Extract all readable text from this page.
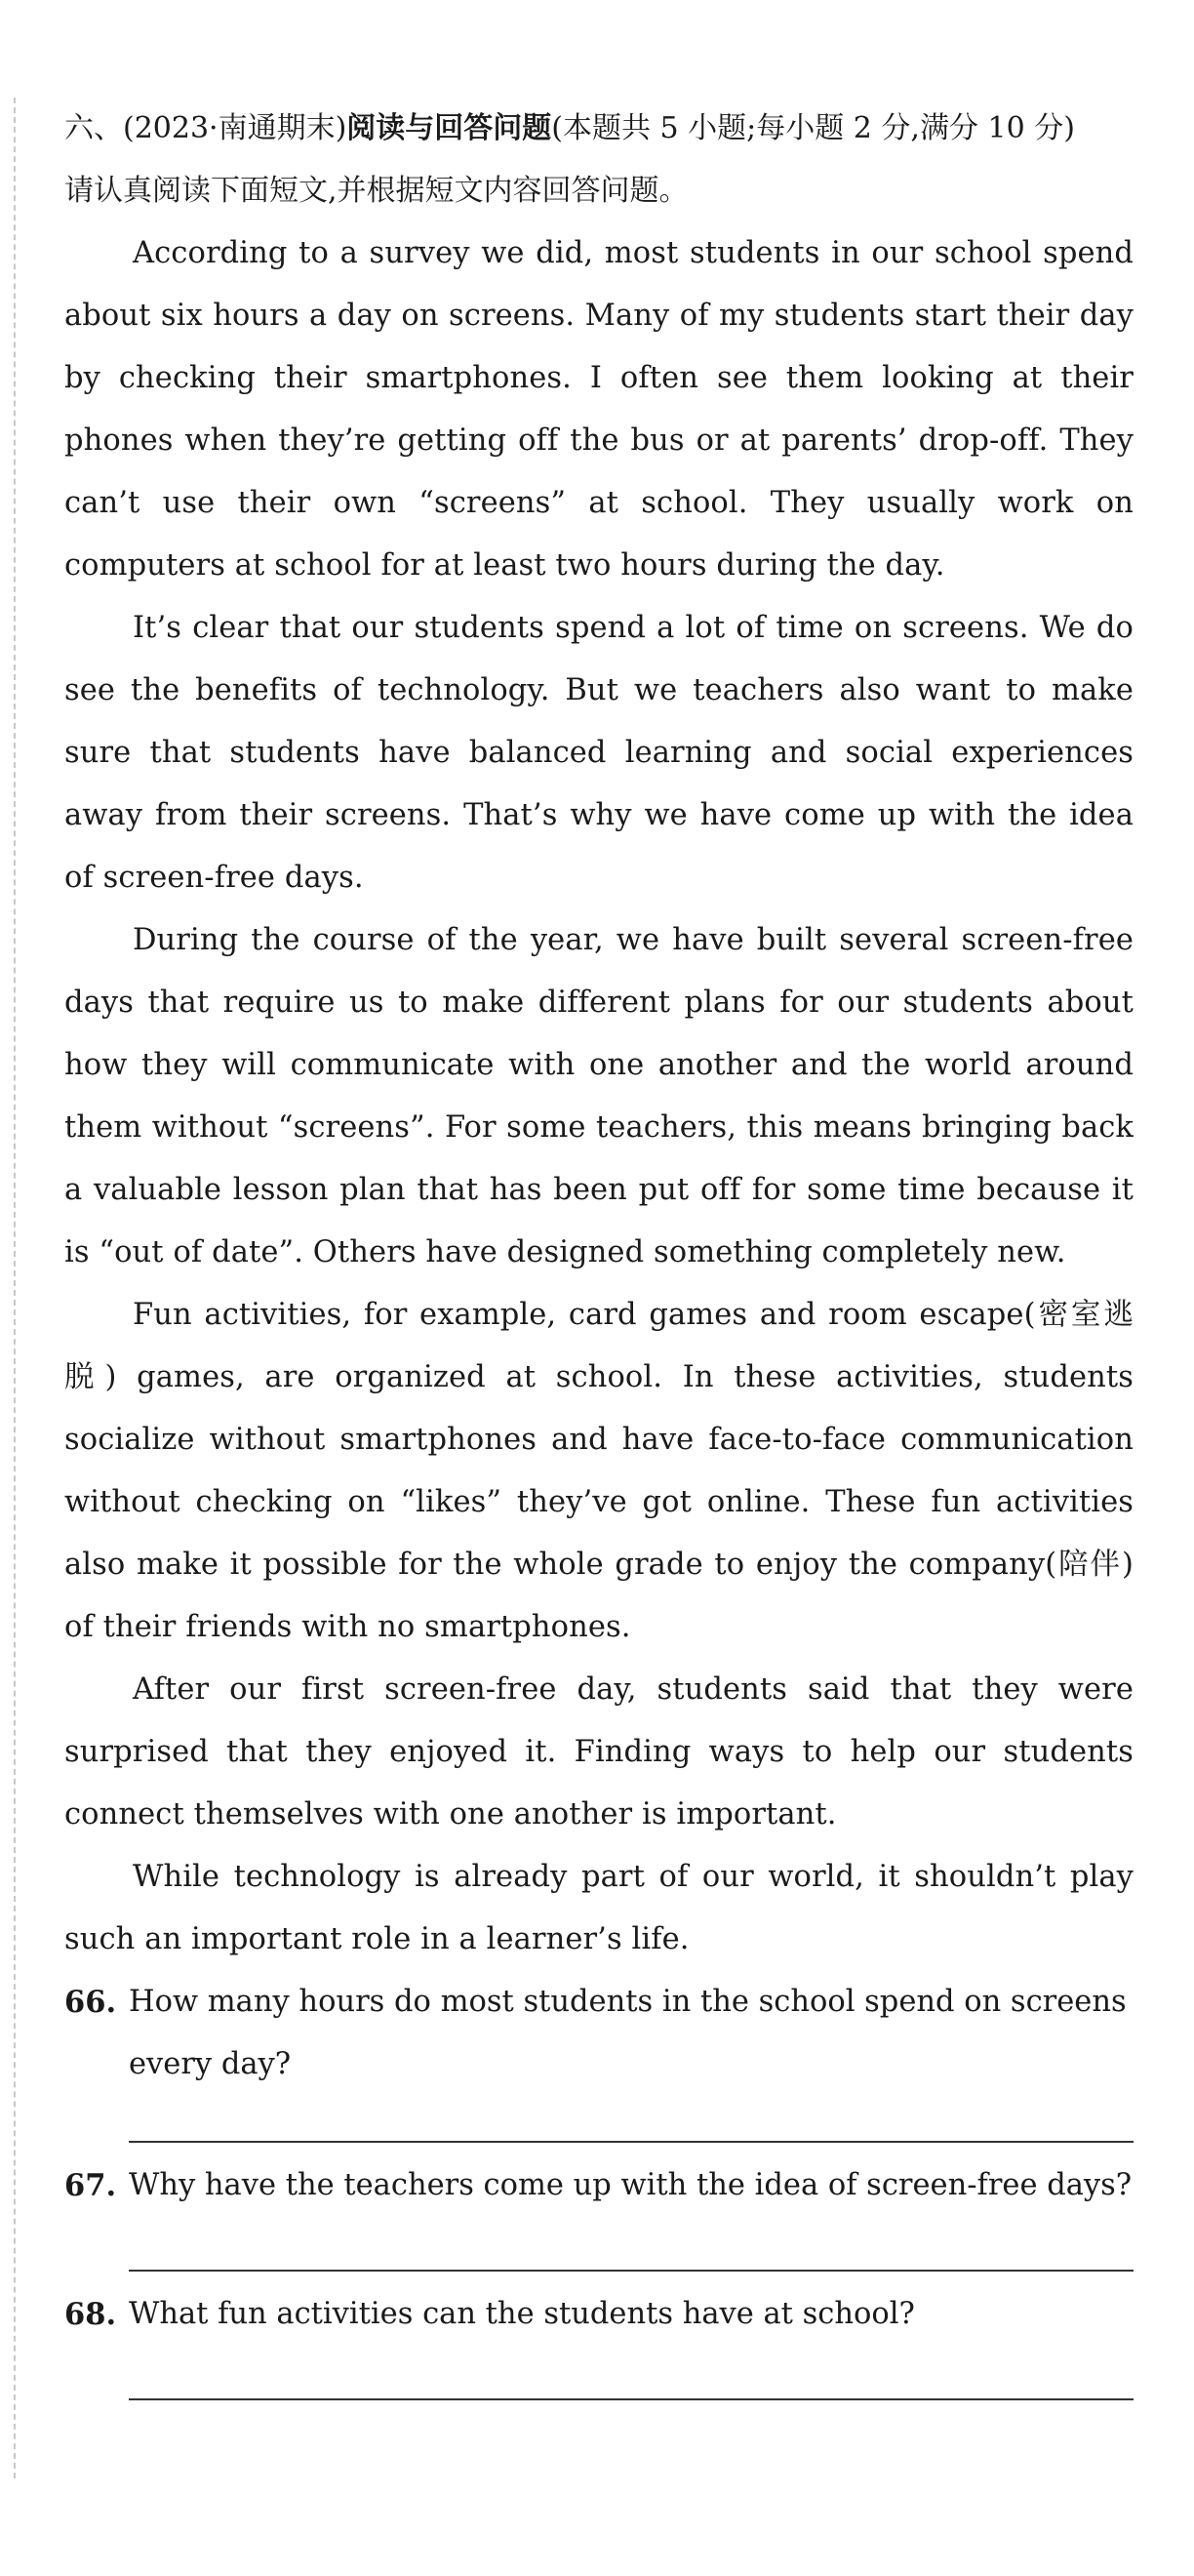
六、(2023·南通期末)阅读与回答问题(本题共 5 小题;每小题 2 分,满分 10 分)
请认真阅读下面短文,并根据短文内容回答问题。

According to a survey we did, most students in our school spend about six hours a day on screens. Many of my students start their day by checking their smartphones. I often see them looking at their phones when they’re getting off the bus or at parents’ drop-off. They can’t use their own “screens” at school. They usually work on computers at school for at least two hours during the day.

It’s clear that our students spend a lot of time on screens. We do see the benefits of technology. But we teachers also want to make sure that students have balanced learning and social experiences away from their screens. That’s why we have come up with the idea of screen-free days.

During the course of the year, we have built several screen-free days that require us to make different plans for our students about how they will communicate with one another and the world around them without “screens”. For some teachers, this means bringing back a valuable lesson plan that has been put off for some time because it is “out of date”. Others have designed something completely new.

Fun activities, for example, card games and room escape(密室逃脱) games, are organized at school. In these activities, students socialize without smartphones and have face-to-face communication without checking on “likes” they’ve got online. These fun activities also make it possible for the whole grade to enjoy the company(陪伴) of their friends with no smartphones.

After our first screen-free day, students said that they were surprised that they enjoyed it. Finding ways to help our students connect themselves with one another is important.

While technology is already part of our world, it shouldn’t play such an important role in a learner’s life.

66. How many hours do most students in the school spend on screens every day?
67. Why have the teachers come up with the idea of screen-free days?
68. What fun activities can the students have at school?
